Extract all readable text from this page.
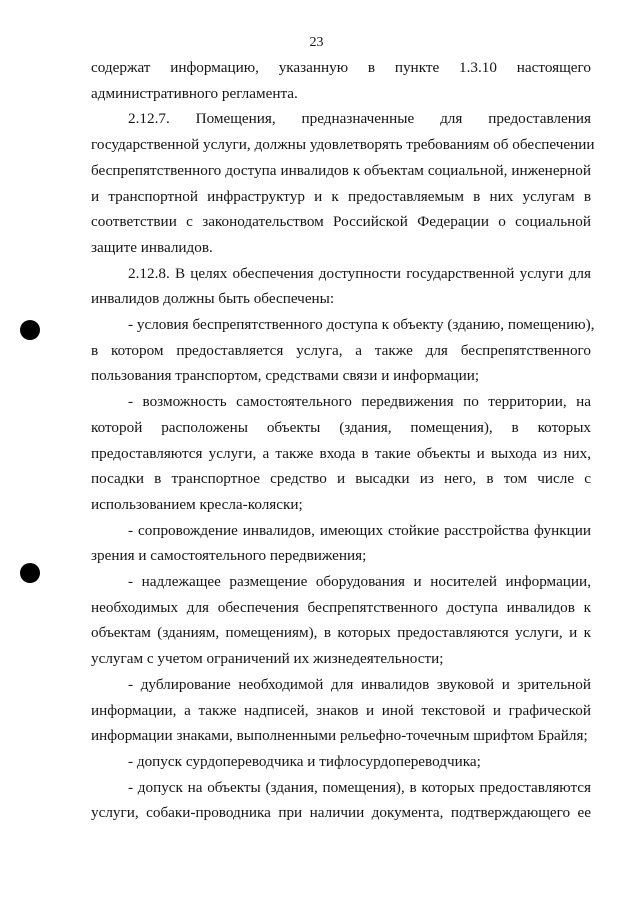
23

содержат информацию, указанную в пункте 1.3.10 настоящего
административного регламента.

2.12.7. Помещения, предназначенные для предоставления
государственной услуги, должны удовлетворять требованиям об обеспечении
беспрепятственного доступа инвалидов к объектам социальной, инженерной
и транспортной инфраструктур и к предоставляемым в них услугам в
соответствии с законодательством Российской Федерации о социальной
защите инвалидов.

2.12.8. В целях обеспечения доступности государственной услуги для
инвалидов должны быть обеспечены:

- условия беспрепятственного доступа к объекту (зданию, помещению),
в котором предоставляется услуга, а также для беспрепятственного
пользования транспортом, средствами связи и информации;

- возможность самостоятельного передвижения по территории, на
которой расположены объекты (здания, помещения), в которых
предоставляются услуги, а также входа в такие объекты и выхода из них,
посадки в транспортное средство и высадки из него, в том числе с
использованием кресла-коляски;

- сопровождение инвалидов, имеющих стойкие расстройства функции
зрения и самостоятельного передвижения;

- надлежащее размещение оборудования и носителей информации,
необходимых для обеспечения беспрепятственного доступа инвалидов к
объектам (зданиям, помещениям), в которых предоставляются услуги, и к
услугам с учетом ограничений их жизнедеятельности;

- дублирование необходимой для инвалидов звуковой и зрительной
информации, а также надписей, знаков и иной текстовой и графической
информации знаками, выполненными рельефно-точечным шрифтом Брайля;

- допуск сурдопереводчика и тифлосурдопереводчика;

- допуск на объекты (здания, помещения), в которых предоставляются
услуги, собаки-проводника при наличии документа, подтверждающего ее
